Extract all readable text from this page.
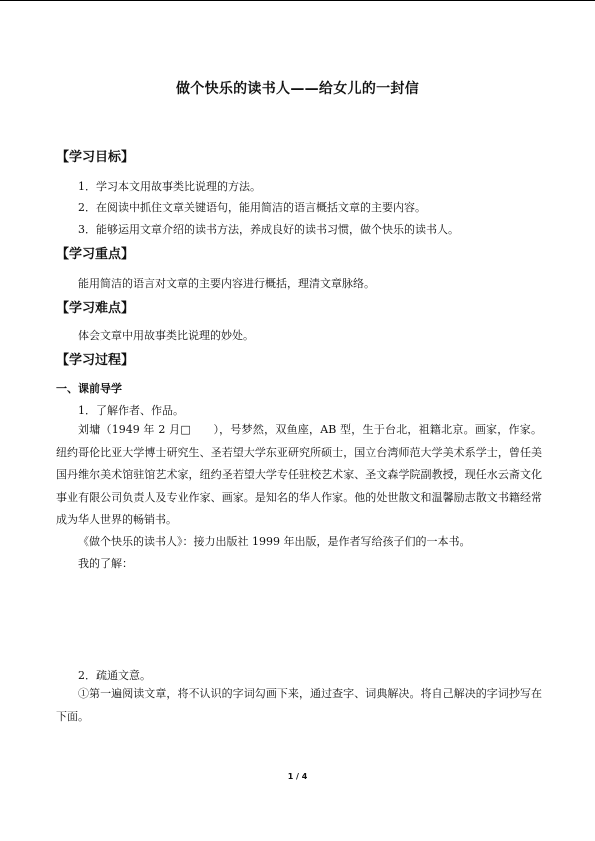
做个快乐的读书人——给女儿的一封信
【学习目标】
1．学习本文用故事类比说理的方法。
2．在阅读中抓住文章关键语句，能用简洁的语言概括文章的主要内容。
3．能够运用文章介绍的读书方法，养成良好的读书习惯，做个快乐的读书人。
【学习重点】
能用简洁的语言对文章的主要内容进行概括，理清文章脉络。
【学习难点】
体会文章中用故事类比说理的妙处。
【学习过程】
一、课前导学
1．了解作者、作品。
刘墉（1949 年 2 月□　　），号梦然，双鱼座，AB 型，生于台北，祖籍北京。画家，作家。纽约哥伦比亚大学博士研究生、圣若望大学东亚研究所硕士，国立台湾师范大学美术系学士，曾任美国丹维尔美术馆驻馆艺术家，纽约圣若望大学专任驻校艺术家、圣文森学院副教授，现任水云斋文化事业有限公司负责人及专业作家、画家。是知名的华人作家。他的处世散文和温馨励志散文书籍经常成为华人世界的畅销书。
《做个快乐的读书人》：接力出版社 1999 年出版，是作者写给孩子们的一本书。
我的了解：
2．疏通文意。
①第一遍阅读文章，将不认识的字词勾画下来，通过查字、词典解决。将自己解决的字词抄写在下面。
1 / 4
